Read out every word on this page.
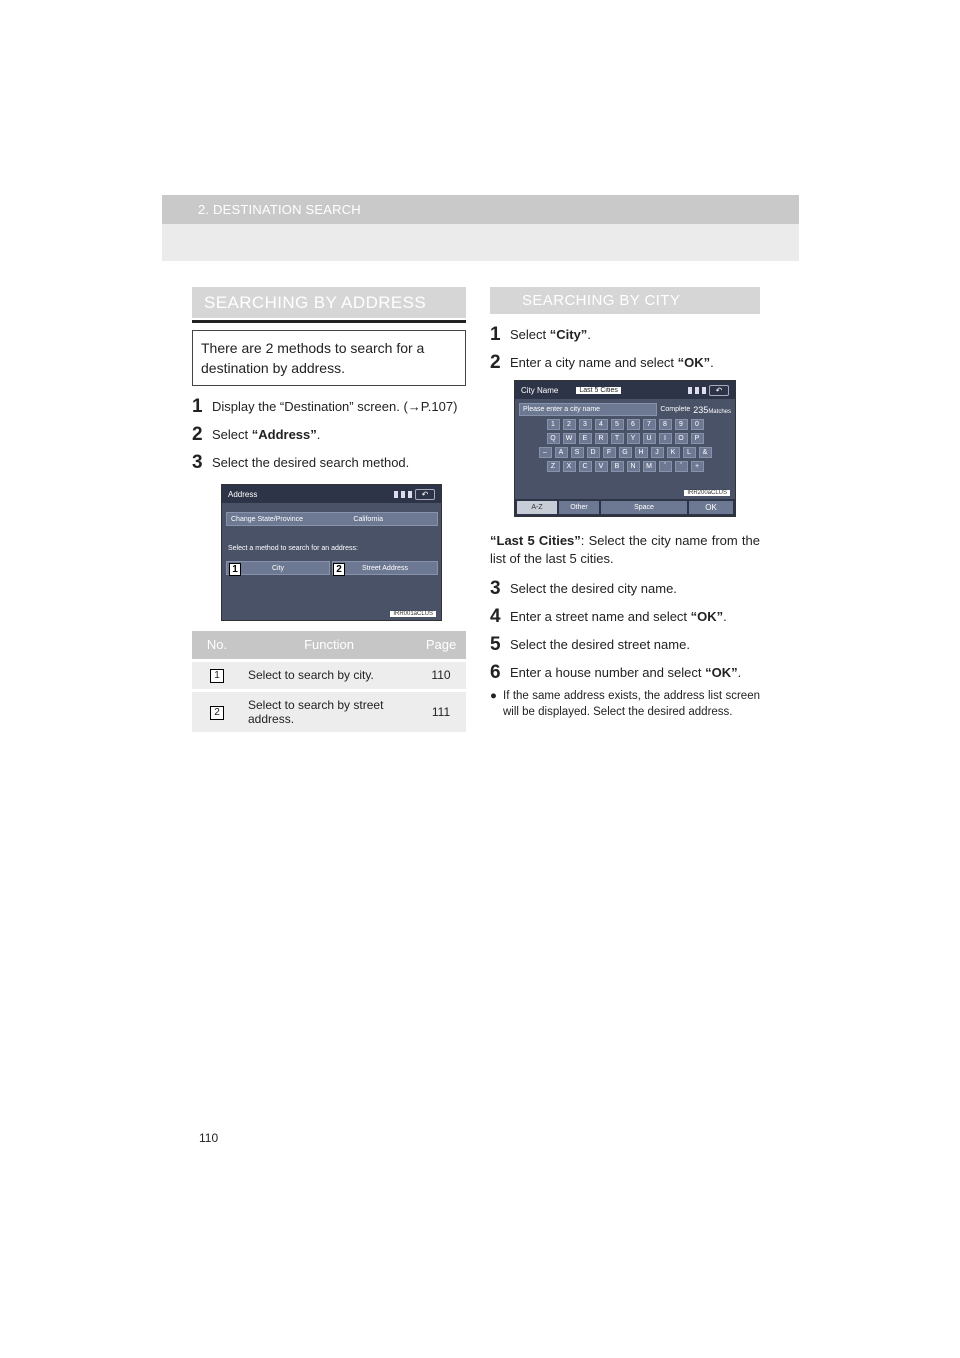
2. DESTINATION SEARCH
SEARCHING BY ADDRESS
There are 2 methods to search for a destination by address.
1 Display the “Destination” screen. (→P.107)
2 Select “Address”.
3 Select the desired search method.
Address	↶
Change State/Province	California
Select a method to search for an address:
City	Street Address
1	2
IRR001aCLUS
No.	Function	Page
1	Select to search by city.	110
2	Select to search by street address.	111
SEARCHING BY CITY
1 Select “City”.
2 Enter a city name and select “OK”.
City Name	Last 5 Cities	↶
Please enter a city name	Complete 235Matches
1	2	3	4	5	6	7	8	9	0
Q	W	E	R	T	Y	U	I	O	P
–	A	S	D	F	G	H	J	K	L	&
Z	X	C	V	B	N	M	ˇ	ˆ	+
A-Z	Other	Space	OK
IRR200aCLUS
“Last 5 Cities”: Select the city name from the list of the last 5 cities.
3 Select the desired city name.
4 Enter a street name and select “OK”.
5 Select the desired street name.
6 Enter a house number and select “OK”.
● If the same address exists, the address list screen will be displayed. Select the desired address.
110
